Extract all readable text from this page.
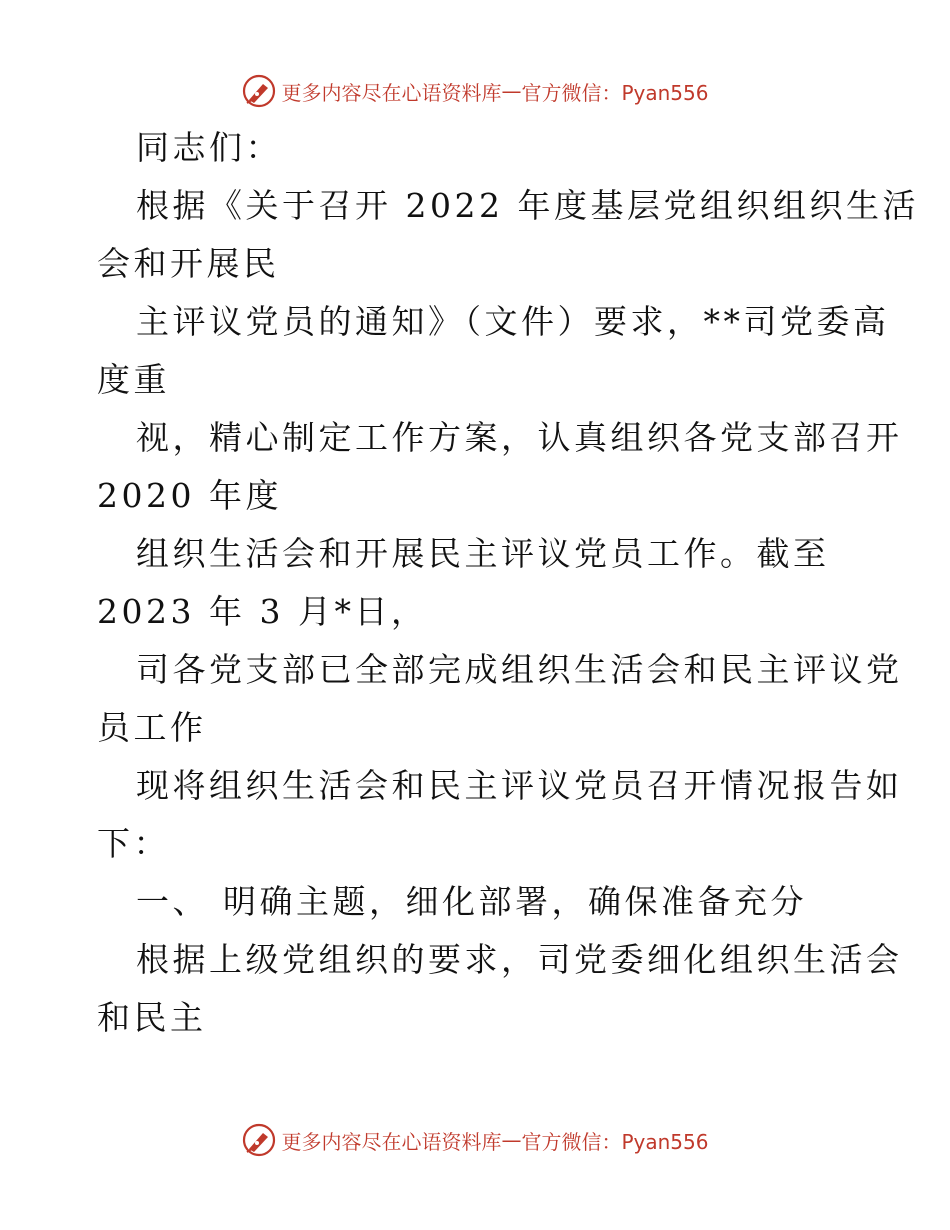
更多内容尽在心语资料库 — 官方微信：Pyan556
同志们：
根据《关于召开 2022 年度基层党组织组织生活
会和开展民
主评议党员的通知》（文件）要求，**司党委高
度重
视，精心制定工作方案，认真组织各党支部召开
2020 年度
组织生活会和开展民主评议党员工作。截至
2023 年 3 月*日，
司各党支部已全部完成组织生活会和民主评议党
员工作
现将组织生活会和民主评议党员召开情况报告如
下：
一、 明确主题，细化部署，确保准备充分
根据上级党组织的要求，司党委细化组织生活会
和民主
更多内容尽在心语资料库 — 官方微信：Pyan556
